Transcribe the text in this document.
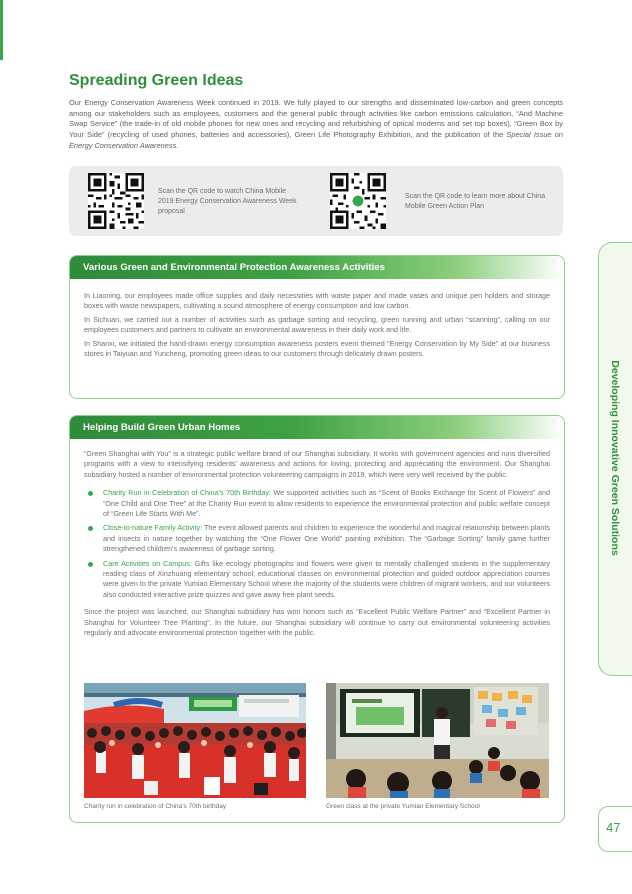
Spreading Green Ideas

Our Energy Conservation Awareness Week continued in 2019. We fully played to our strengths and disseminated low-carbon and green concepts among our stakeholders such as employees, customers and the general public through activities like carbon emissions calculation, “And Machine Swap Service” (the trade-in of old mobile phones for new ones and recycling and refurbishing of optical modems and set top boxes), “Green Box by Your Side” (recycling of used phones, batteries and accessories), Green Life Photography Exhibition, and the publication of the Special Issue on Energy Conservation Awareness.

Scan the QR code to watch China Mobile 2019 Energy Conservation Awareness Week proposal
Scan the QR code to learn more about China Mobile Green Action Plan
Various Green and Environmental Protection Awareness Activities

In Liaoning, our employees made office supplies and daily necessities with waste paper and made vases and unique pen holders and storage boxes with waste newspapers, cultivating a sound atmosphere of energy consumption and low carbon.

In Sichuan, we carried out a number of activities such as garbage sorting and recycling, green running and urban “scanning”, calling on our employees customers and partners to cultivate an environmental awareness in their daily work and life.

In Shanxi, we initiated the hand-drawn energy consumption awareness posters event themed “Energy Conservation by My Side” at our business stores in Taiyuan and Yuncheng, promoting green ideas to our customers through delicately drawn posters.

Helping Build Green Urban Homes

“Green Shanghai with You” is a strategic public welfare brand of our Shanghai subsidiary. It works with government agencies and runs diversified programs with a view to intensifying residents' awareness and actions for loving, protecting and appreciating the environment. Our Shanghai subsidiary hosted a number of environmental protection volunteering campaigns in 2019, which were very well received by the public.

Charity Run in Celebration of China's 70th Birthday: We supported activities such as “Scent of Books Exchange for Scent of Flowers” and “One Child and One Tree” at the Charity Run event to allow residents to experience the environmental protection and public welfare concept of “Green Life Starts With Me”.
Close-to-nature Family Activity: The event allowed parents and children to experience the wonderful and magical relationship between plants and insects in nature together by watching the “One Flower One World” painting exhibition. The “Garbage Sorting” family game further strengthened children's awareness of garbage sorting.
Care Activities on Campus: Gifts like ecology photographs and flowers were given to mentally challenged students in the supplementary reading class of Xinzhuang elementary school; educational classes on environmental protection and guided outdoor appreciation courses were given to the private Yumiao Elementary School where the majority of the students were children of migrant workers, and our volunteers also conducted interactive prize quizzes and gave away free plant seeds.

Since the project was launched, our Shanghai subsidiary has won honors such as “Excellent Public Welfare Partner” and “Excellent Partner in Shanghai for Volunteer Tree Planting”. In the future, our Shanghai subsidiary will continue to carry out environmental volunteering activities regularly and advocate environmental protection together with the public.

Charity run in celebration of China's 70th birthday	Green class at the private Yumiao Elementary School
Developing Innovative Green Solutions
47
